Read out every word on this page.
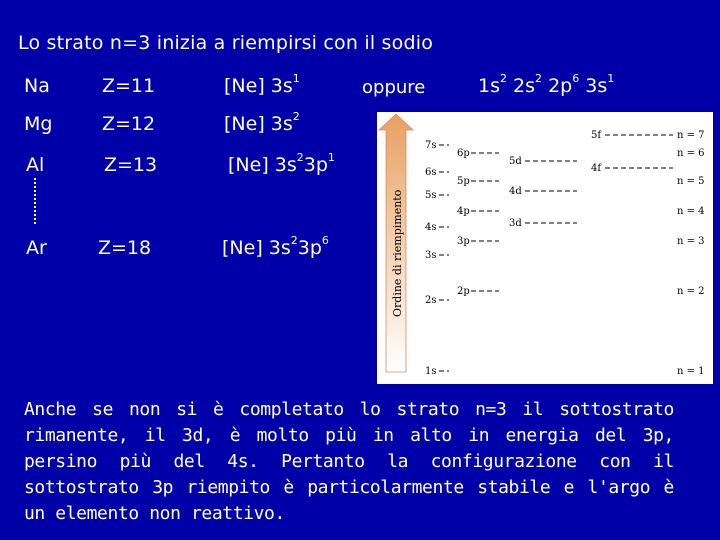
Lo strato n=3 inizia a riempirsi con il sodio
Na	Z=11	[Ne] $3s^1$	oppure	$1s^2$ $2s^2$ $2p^6$ $3s^1$
Mg	Z=12	[Ne] $3s^2$
Al	Z=13	[Ne] $3s^23p^1$
Ar	Z=18	[Ne] $3s^23p^6$	Ordine di riempimento
7s
6s
5s
4s
3s
2s
1s
6p
5p
4p
3p
2p
5d
4d
3d
5f
4f
n = 7
n = 6
n = 5
n = 4
n = 3
n = 2
n = 1
Anche se non si è completato lo strato n=3 il sottostrato rimanente, il 3d, è molto più in alto in energia del 3p, persino più del 4s. Pertanto la configurazione con il sottostrato 3p riempito è particolarmente stabile e l'argo è un elemento non reattivo.
